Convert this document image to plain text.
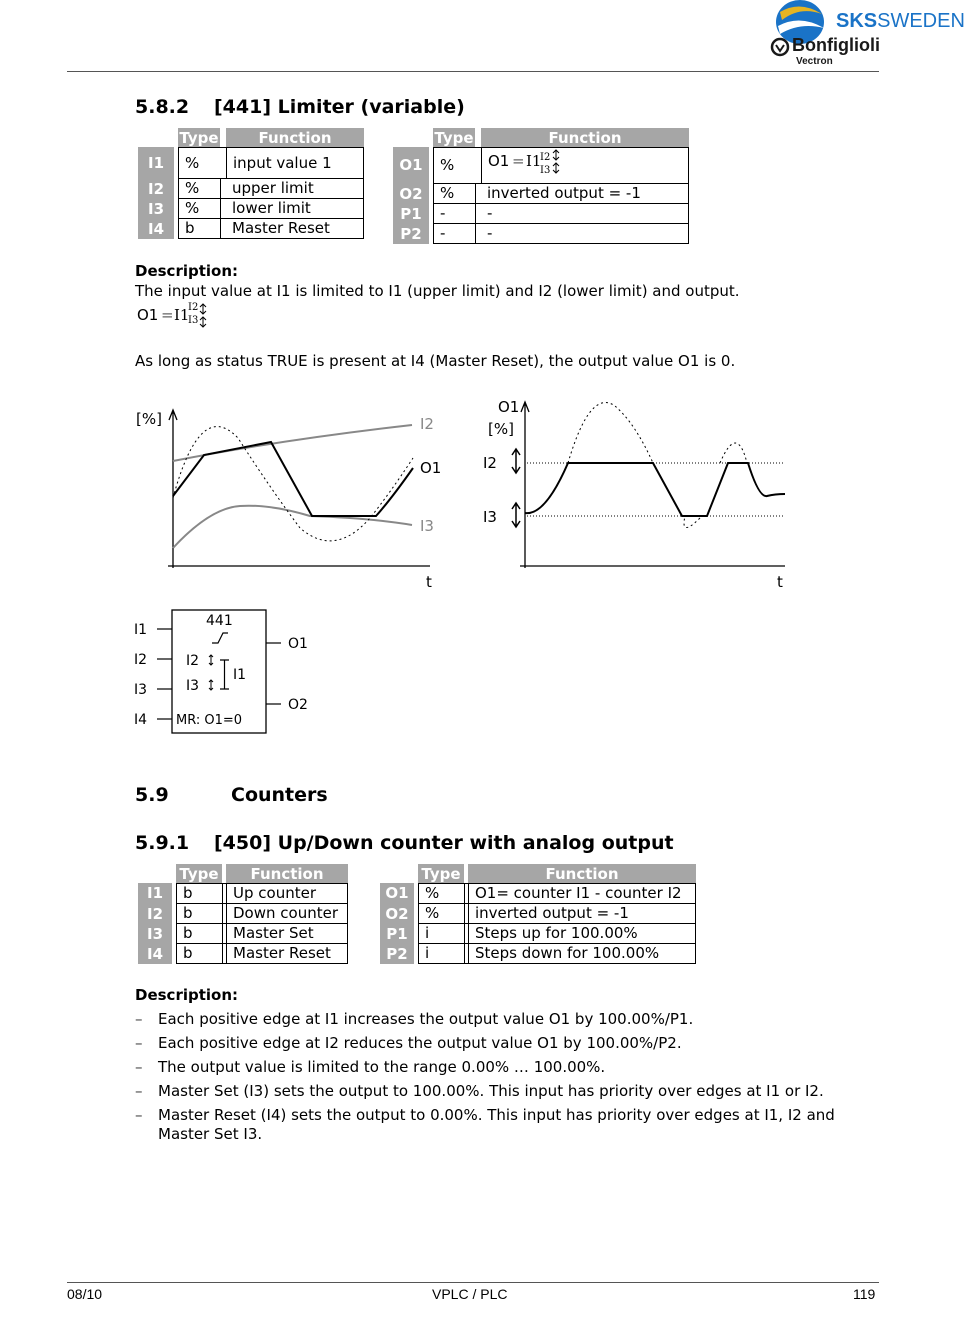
SKSSWEDEN
Bonfiglioli
Vectron
5.8.2 [441] Limiter (variable)
		Type		Function
I1		%		input value 1
I2		%		upper limit
I3		%		lower limit
I4		b		Master Reset
		Type		Function
O1		%		O1 = I1
I2
I3

O2		%		inverted output = -1
P1		-		-
P2		-		-
Description:
The input value at I1 is limited to I1 (upper limit) and I2 (lower limit) and output.
O1 = I1
I2
I3
As long as status TRUE is present at I4 (Master Reset), the output value O1 is 0.
[%]	I2
O1
I3
t
O1
[%]
I2
I3
t
441
I1
I2
I3
I4
O1
O2
I2
I3
I1
MR: O1=0
5.9	Counters
5.9.1 [450] Up/Down counter with analog output
		Type		Function
I1		b		Up counter
I2		b		Down counter
I3		b		Master Set
I4		b		Master Reset
		Type		Function
O1		%		O1= counter I1 - counter I2
O2		%		inverted output = -1
P1		i		Steps up for 100.00%
P2		i		Steps down for 100.00%
Description:
– Each positive edge at I1 increases the output value O1 by 100.00%/P1.
– Each positive edge at I2 reduces the output value O1 by 100.00%/P2.
– The output value is limited to the range 0.00% … 100.00%.
– Master Set (I3) sets the output to 100.00%. This input has priority over edges at I1 or I2.
– Master Reset (I4) sets the output to 0.00%. This input has priority over edges at I1, I2 and
Master Set I3.
08/10	VPLC / PLC	119
